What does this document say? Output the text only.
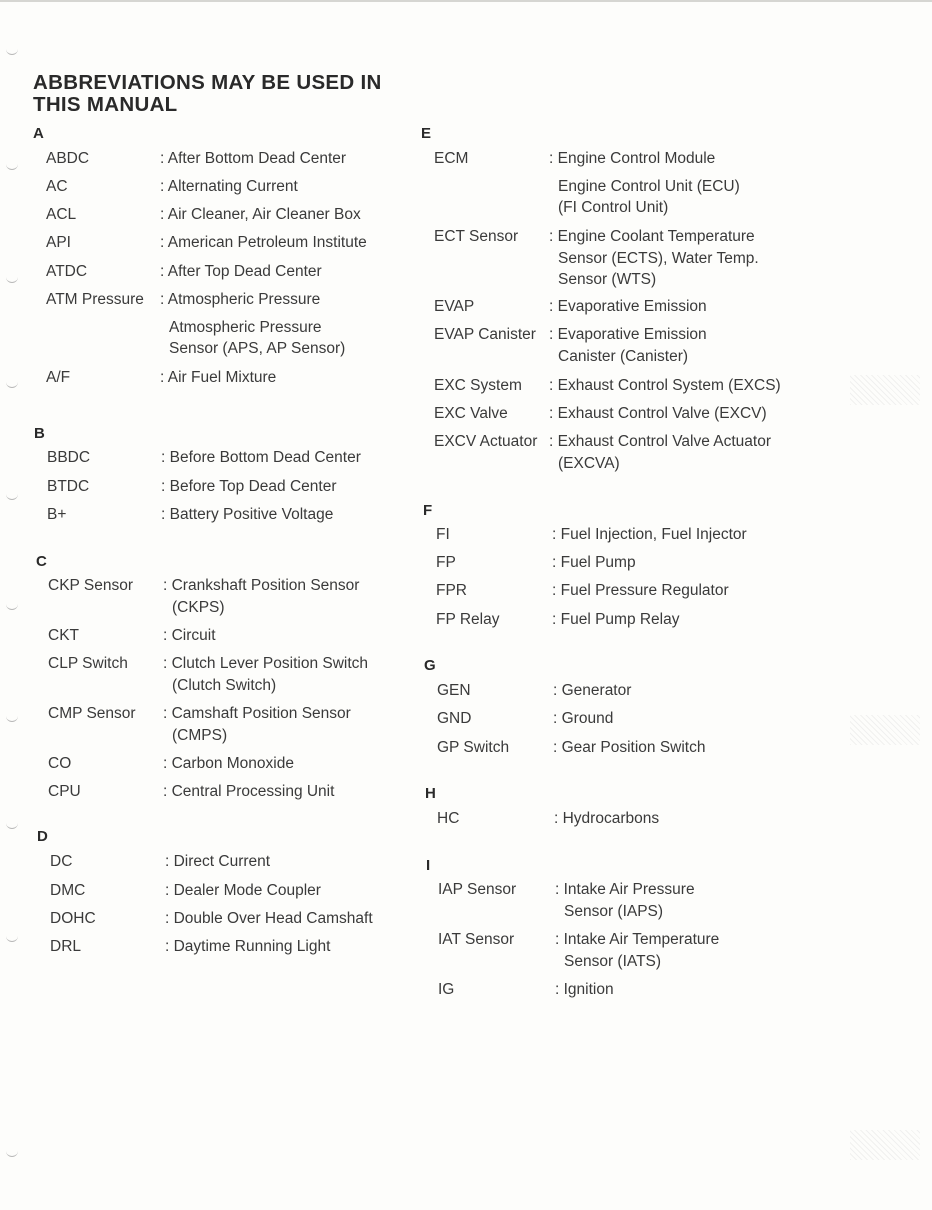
ABBREVIATIONS MAY BE USED IN THIS MANUAL
A
ABDC	: After Bottom Dead Center
AC	: Alternating Current
ACL	: Air Cleaner, Air Cleaner Box
API	: American Petroleum Institute
ATDC	: After Top Dead Center
ATM Pressure : Atmospheric Pressure
Atmospheric Pressure
Sensor (APS, AP Sensor)
A/F	: Air Fuel Mixture
B
BBDC	: Before Bottom Dead Center
BTDC	: Before Top Dead Center
B+	: Battery Positive Voltage
C
CKP Sensor : Crankshaft Position Sensor
(CKPS)
CKT	: Circuit
CLP Switch : Clutch Lever Position Switch
(Clutch Switch)
CMP Sensor : Camshaft Position Sensor
(CMPS)
CO	: Carbon Monoxide
CPU	: Central Processing Unit
D
DC	: Direct Current
DMC	: Dealer Mode Coupler
DOHC	: Double Over Head Camshaft
DRL	: Daytime Running Light
E
ECM	: Engine Control Module
Engine Control Unit (ECU)
(FI Control Unit)
ECT Sensor : Engine Coolant Temperature
Sensor (ECTS), Water Temp.
Sensor (WTS)
EVAP	: Evaporative Emission
EVAP Canister : Evaporative Emission
Canister (Canister)
EXC System : Exhaust Control System (EXCS)
EXC Valve	: Exhaust Control Valve (EXCV)
EXCV Actuator : Exhaust Control Valve Actuator
(EXCVA)
F
FI	: Fuel Injection, Fuel Injector
FP	: Fuel Pump
FPR	: Fuel Pressure Regulator
FP Relay	: Fuel Pump Relay
G
GEN	: Generator
GND	: Ground
GP Switch	: Gear Position Switch
H
HC	: Hydrocarbons
I
IAP Sensor	: Intake Air Pressure
Sensor (IAPS)
IAT Sensor	: Intake Air Temperature
Sensor (IATS)
IG	: Ignition
